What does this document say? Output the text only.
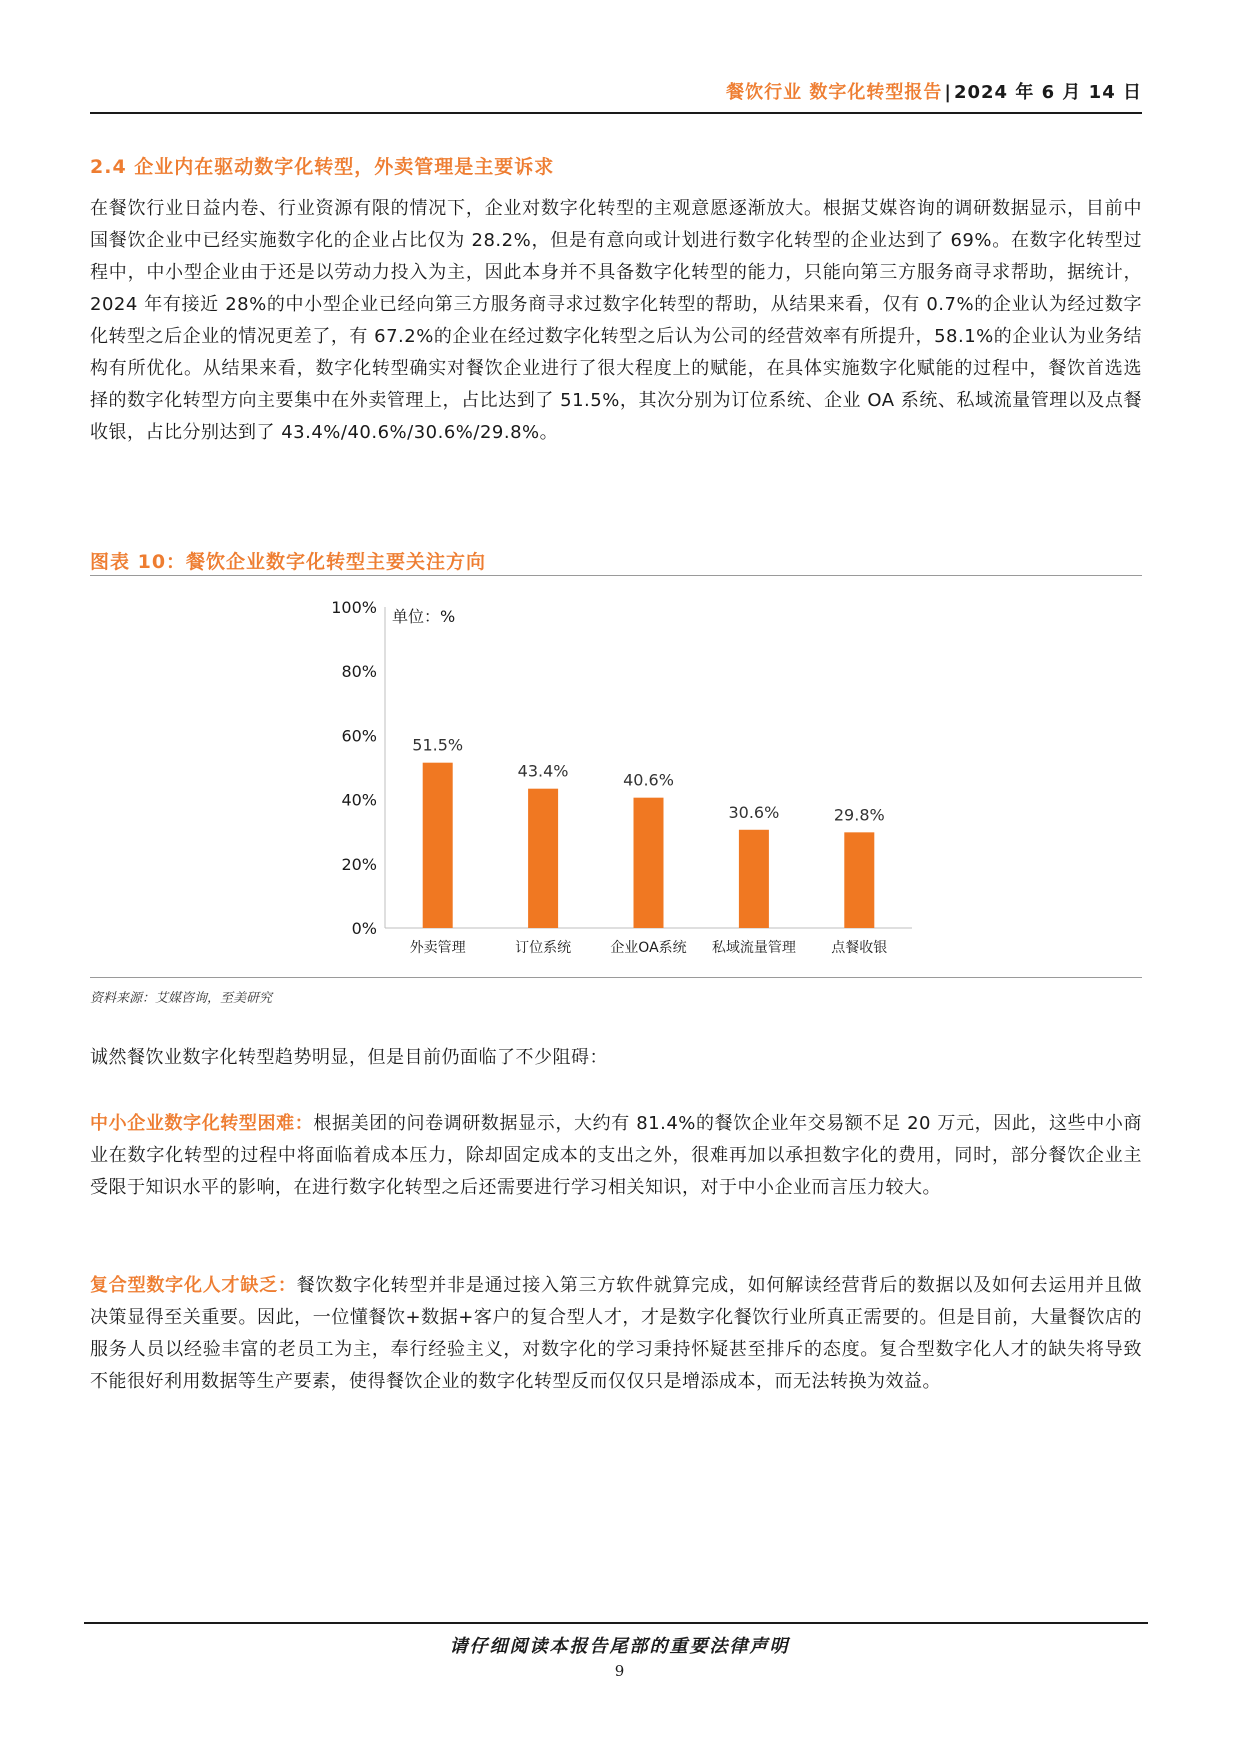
餐饮行业 数字化转型报告 | 2024 年 6 月 14 日
2.4 企业内在驱动数字化转型，外卖管理是主要诉求

在餐饮行业日益内卷、行业资源有限的情况下，企业对数字化转型的主观意愿逐渐放大。根据艾媒咨询的调研数据显示，目前中国餐饮企业中已经实施数字化的企业占比仅为 28.2%，但是有意向或计划进行数字化转型的企业达到了 69%。在数字化转型过程中，中小型企业由于还是以劳动力投入为主，因此本身并不具备数字化转型的能力，只能向第三方服务商寻求帮助，据统计，2024 年有接近 28%的中小型企业已经向第三方服务商寻求过数字化转型的帮助，从结果来看，仅有 0.7%的企业认为经过数字化转型之后企业的情况更差了，有 67.2%的企业在经过数字化转型之后认为公司的经营效率有所提升，58.1%的企业认为业务结构有所优化。从结果来看，数字化转型确实对餐饮企业进行了很大程度上的赋能，在具体实施数字化赋能的过程中，餐饮首选选择的数字化转型方向主要集中在外卖管理上，占比达到了 51.5%，其次分别为订位系统、企业 OA 系统、私域流量管理以及点餐收银，占比分别达到了 43.4%/40.6%/30.6%/29.8%。

图表 10：餐饮企业数字化转型主要关注方向
0%
20%
40%
60%
80%
100% 单位：%
51.5%
43.4%	40.6%
30.6%	29.8%
外卖管理	订位系统	企业OA系统 私域流量管理	点餐收银
资料来源：艾媒咨询，至美研究

诚然餐饮业数字化转型趋势明显，但是目前仍面临了不少阻碍：

中小企业数字化转型困难：根据美团的问卷调研数据显示，大约有 81.4%的餐饮企业年交易额不足 20 万元，因此，这些中小商业在数字化转型的过程中将面临着成本压力，除却固定成本的支出之外，很难再加以承担数字化的费用，同时，部分餐饮企业主受限于知识水平的影响，在进行数字化转型之后还需要进行学习相关知识，对于中小企业而言压力较大。

复合型数字化人才缺乏：餐饮数字化转型并非是通过接入第三方软件就算完成，如何解读经营背后的数据以及如何去运用并且做决策显得至关重要。因此，一位懂餐饮+数据+客户的复合型人才，才是数字化餐饮行业所真正需要的。但是目前，大量餐饮店的服务人员以经验丰富的老员工为主，奉行经验主义，对数字化的学习秉持怀疑甚至排斥的态度。复合型数字化人才的缺失将导致不能很好利用数据等生产要素，使得餐饮企业的数字化转型反而仅仅只是增添成本，而无法转换为效益。

请仔细阅读本报告尾部的重要法律声明
9
